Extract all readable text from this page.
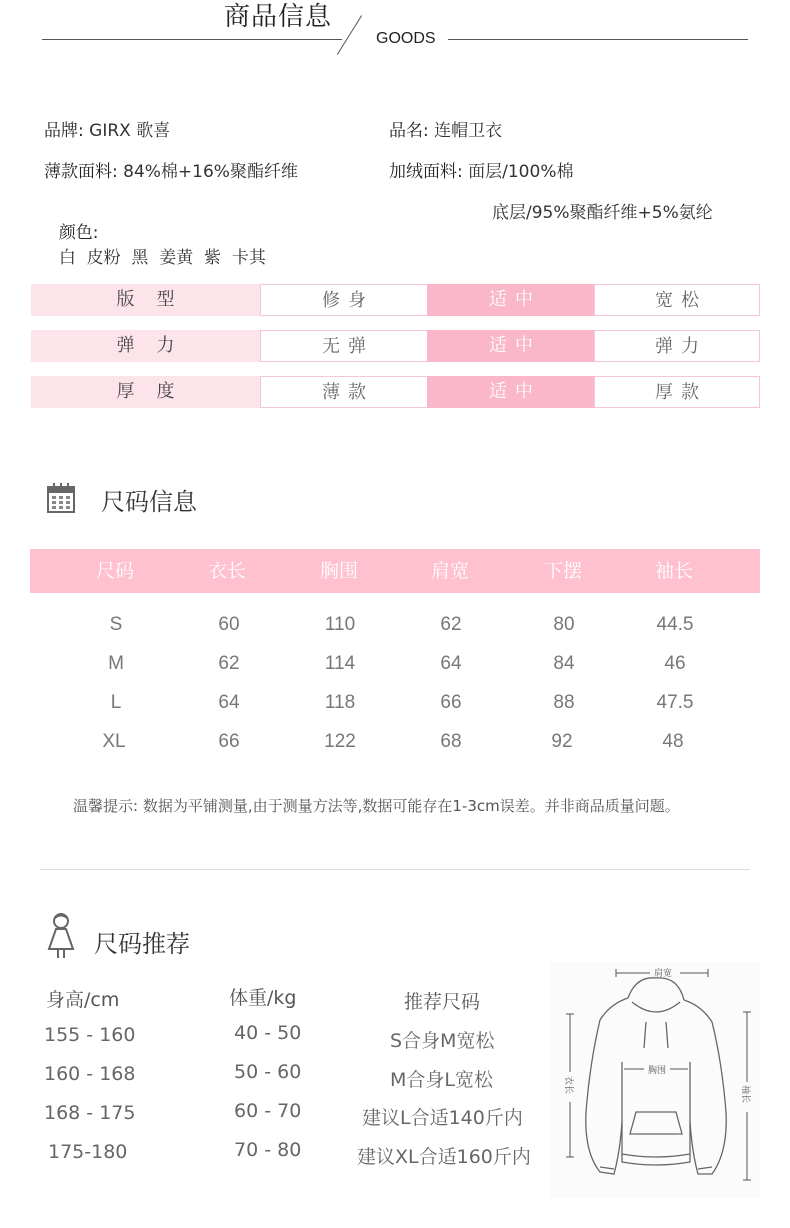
商品信息
GOODS
品牌: GIRX 歌喜	品名: 连帽卫衣
薄款面料: 84%棉+16%聚酯纤维	加绒面料: 面层/100%棉

颜色:
白  皮粉  黑  姜黄  紫  卡其

底层/95%聚酯纤维+5%氨纶
版型	修身	适中	宽松
弹力	无弹	适中	弹力
厚度	薄款	适中	厚款
尺码信息
尺码	衣长	胸围	肩宽	下摆	袖长
S	60	110	62	80	44.5
M	62	114	64	84	46
L	64	118	66	88	47.5
XL	66	122	68	92	48
温馨提示: 数据为平铺测量,由于测量方法等,数据可能存在1-3cm误差。并非商品质量问题。
尺码推荐
身高/cm	体重/kg	推荐尺码
155 - 160	40 - 50	S合身M宽松
160 - 168	50 - 60	M合身L宽松
168 - 175	60 - 70	建议L合适140斤内
175-180	70 - 80	建议XL合适160斤内
肩宽
衣长	袖长
胸围
